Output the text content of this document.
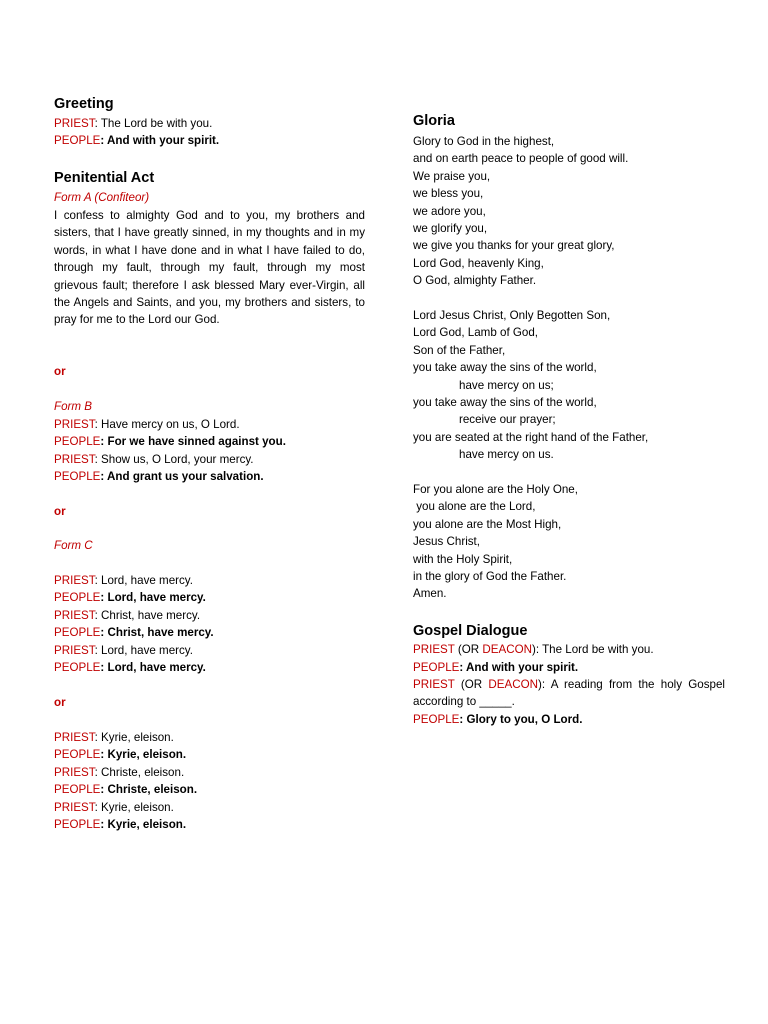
Greeting
PRIEST: The Lord be with you.
PEOPLE: And with your spirit.
Penitential Act
Form A (Confiteor)
I confess to almighty God and to you, my brothers and sisters, that I have greatly sinned, in my thoughts and in my words, in what I have done and in what I have failed to do, through my fault, through my fault, through my most grievous fault; therefore I ask blessed Mary ever-Virgin, all the Angels and Saints, and you, my brothers and sisters, to pray for me to the Lord our God.
or
Form B
PRIEST: Have mercy on us, O Lord.
PEOPLE: For we have sinned against you.
PRIEST: Show us, O Lord, your mercy.
PEOPLE: And grant us your salvation.
or
Form C
PRIEST: Lord, have mercy.
PEOPLE: Lord, have mercy.
PRIEST: Christ, have mercy.
PEOPLE: Christ, have mercy.
PRIEST: Lord, have mercy.
PEOPLE: Lord, have mercy.
or
PRIEST: Kyrie, eleison.
PEOPLE: Kyrie, eleison.
PRIEST: Christe, eleison.
PEOPLE: Christe, eleison.
PRIEST: Kyrie, eleison.
PEOPLE: Kyrie, eleison.
Gloria
Glory to God in the highest,
and on earth peace to people of good will.
We praise you,
we bless you,
we adore you,
we glorify you,
we give you thanks for your great glory,
Lord God, heavenly King,
O God, almighty Father.
Lord Jesus Christ, Only Begotten Son,
Lord God, Lamb of God,
Son of the Father,
you take away the sins of the world,
have mercy on us;
you take away the sins of the world,
receive our prayer;
you are seated at the right hand of the Father,
have mercy on us.
For you alone are the Holy One,
you alone are the Lord,
you alone are the Most High,
Jesus Christ,
with the Holy Spirit,
in the glory of God the Father.
Amen.
Gospel Dialogue
PRIEST (OR DEACON): The Lord be with you.
PEOPLE: And with your spirit.
PRIEST (OR DEACON): A reading from the holy Gospel
according to _____.
PEOPLE: Glory to you, O Lord.
